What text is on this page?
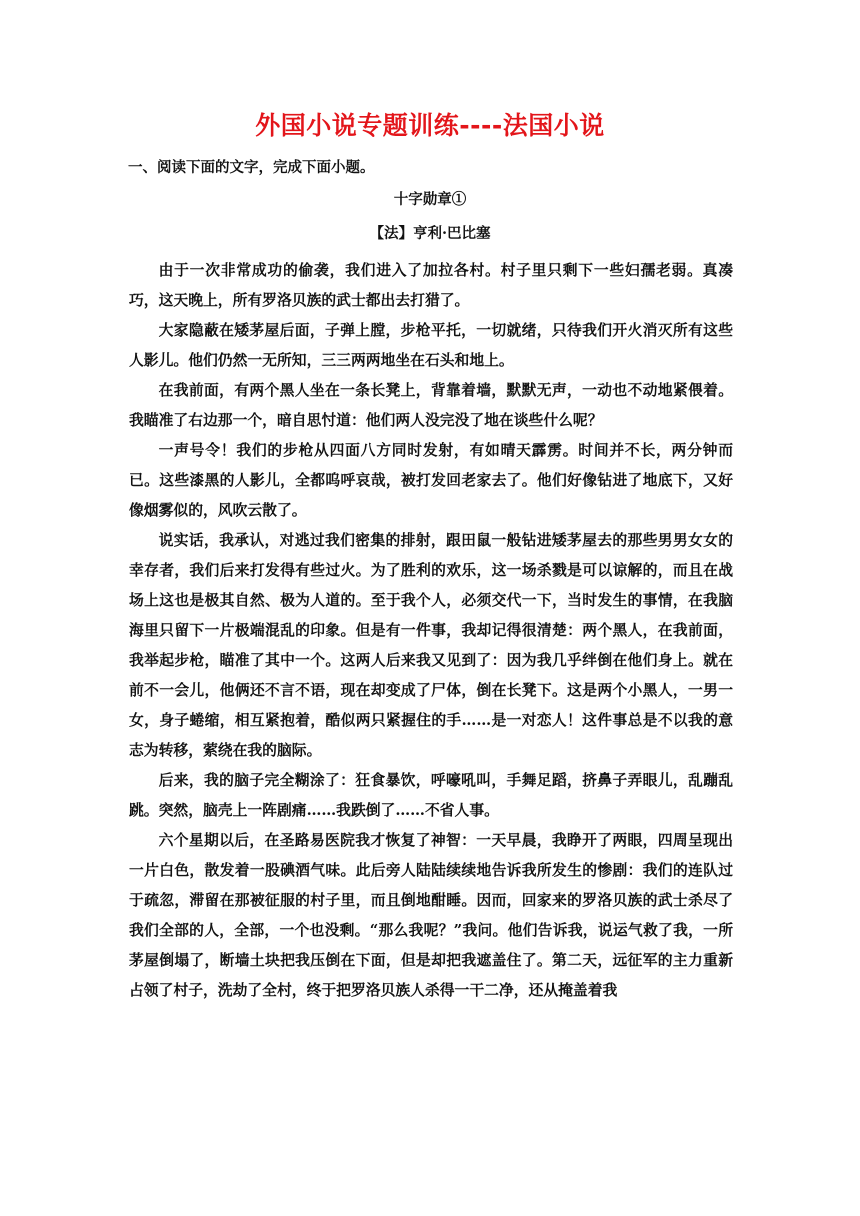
外国小说专题训练----法国小说
一、阅读下面的文字，完成下面小题。
十字勋章①
【法】亨利·巴比塞

由于一次非常成功的偷袭，我们进入了加拉各村。村子里只剩下一些妇孺老弱。真凑巧，这天晚上，所有罗洛贝族的武士都出去打猎了。

大家隐蔽在矮茅屋后面，子弹上膛，步枪平托，一切就绪，只待我们开火消灭所有这些人影儿。他们仍然一无所知，三三两两地坐在石头和地上。

在我前面，有两个黑人坐在一条长凳上，背靠着墙，默默无声，一动也不动地紧偎着。我瞄准了右边那一个，暗自思忖道：他们两人没完没了地在谈些什么呢？

一声号令！我们的步枪从四面八方同时发射，有如晴天霹雳。时间并不长，两分钟而已。这些漆黑的人影儿，全都呜呼哀哉，被打发回老家去了。他们好像钻进了地底下，又好像烟雾似的，风吹云散了。

说实话，我承认，对逃过我们密集的排射，跟田鼠一般钻进矮茅屋去的那些男男女女的幸存者，我们后来打发得有些过火。为了胜利的欢乐，这一场杀戮是可以谅解的，而且在战场上这也是极其自然、极为人道的。至于我个人，必须交代一下，当时发生的事情，在我脑海里只留下一片极端混乱的印象。但是有一件事，我却记得很清楚：两个黑人，在我前面，我举起步枪，瞄准了其中一个。这两人后来我又见到了：因为我几乎绊倒在他们身上。就在前不一会儿，他俩还不言不语，现在却变成了尸体，倒在长凳下。这是两个小黑人，一男一女，身子蜷缩，相互紧抱着，酷似两只紧握住的手……是一对恋人！这件事总是不以我的意志为转移，萦绕在我的脑际。

后来，我的脑子完全糊涂了：狂食暴饮，呼嚎吼叫，手舞足蹈，挤鼻子弄眼儿，乱蹦乱跳。突然，脑壳上一阵剧痛……我跌倒了……不省人事。

六个星期以后，在圣路易医院我才恢复了神智：一天早晨，我睁开了两眼，四周呈现出一片白色，散发着一股碘酒气味。此后旁人陆陆续续地告诉我所发生的惨剧：我们的连队过于疏忽，滞留在那被征服的村子里，而且倒地酣睡。因而，回家来的罗洛贝族的武士杀尽了我们全部的人，全部，一个也没剩。“那么我呢？”我问。他们告诉我，说运气救了我，一所茅屋倒塌了，断墙土块把我压倒在下面，但是却把我遮盖住了。第二天，远征军的主力重新占领了村子，洗劫了全村，终于把罗洛贝族人杀得一干二净，还从掩盖着我
